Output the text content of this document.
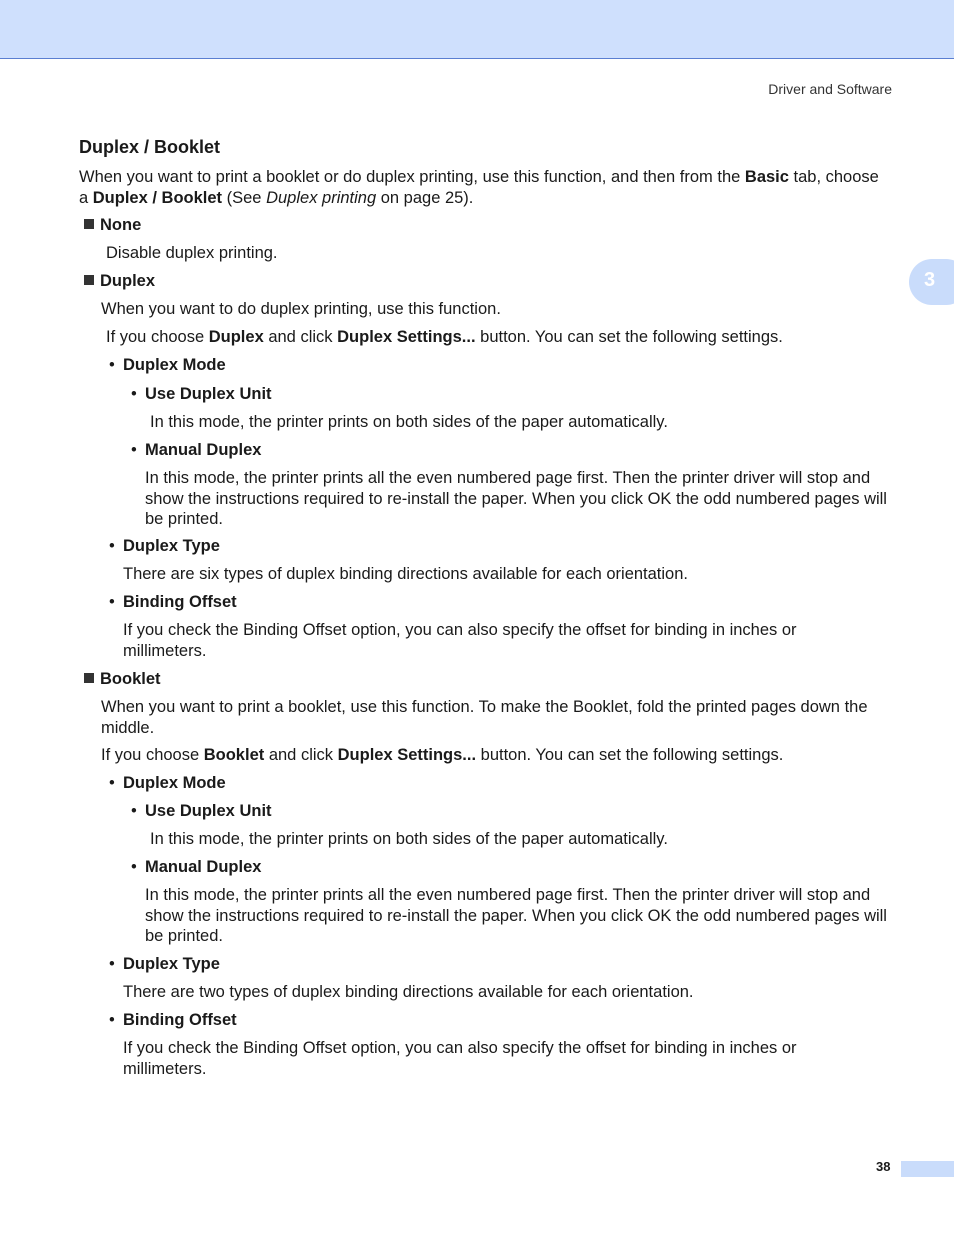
Driver and Software
3
Duplex / Booklet
When you want to print a booklet or do duplex printing, use this function, and then from the Basic tab, choose a Duplex / Booklet (See Duplex printing on page 25).
None
Disable duplex printing.
Duplex
When you want to do duplex printing, use this function.
If you choose Duplex and click Duplex Settings... button. You can set the following settings.
• Duplex Mode
• Use Duplex Unit
In this mode, the printer prints on both sides of the paper automatically.
• Manual Duplex
In this mode, the printer prints all the even numbered page first. Then the printer driver will stop and show the instructions required to re-install the paper. When you click OK the odd numbered pages will be printed.
• Duplex Type
There are six types of duplex binding directions available for each orientation.
• Binding Offset
If you check the Binding Offset option, you can also specify the offset for binding in inches or millimeters.
Booklet
When you want to print a booklet, use this function. To make the Booklet, fold the printed pages down the middle.
If you choose Booklet and click Duplex Settings... button. You can set the following settings.
• Duplex Mode
• Use Duplex Unit
In this mode, the printer prints on both sides of the paper automatically.
• Manual Duplex
In this mode, the printer prints all the even numbered page first. Then the printer driver will stop and show the instructions required to re-install the paper. When you click OK the odd numbered pages will be printed.
• Duplex Type
There are two types of duplex binding directions available for each orientation.
• Binding Offset
If you check the Binding Offset option, you can also specify the offset for binding in inches or millimeters.
38
